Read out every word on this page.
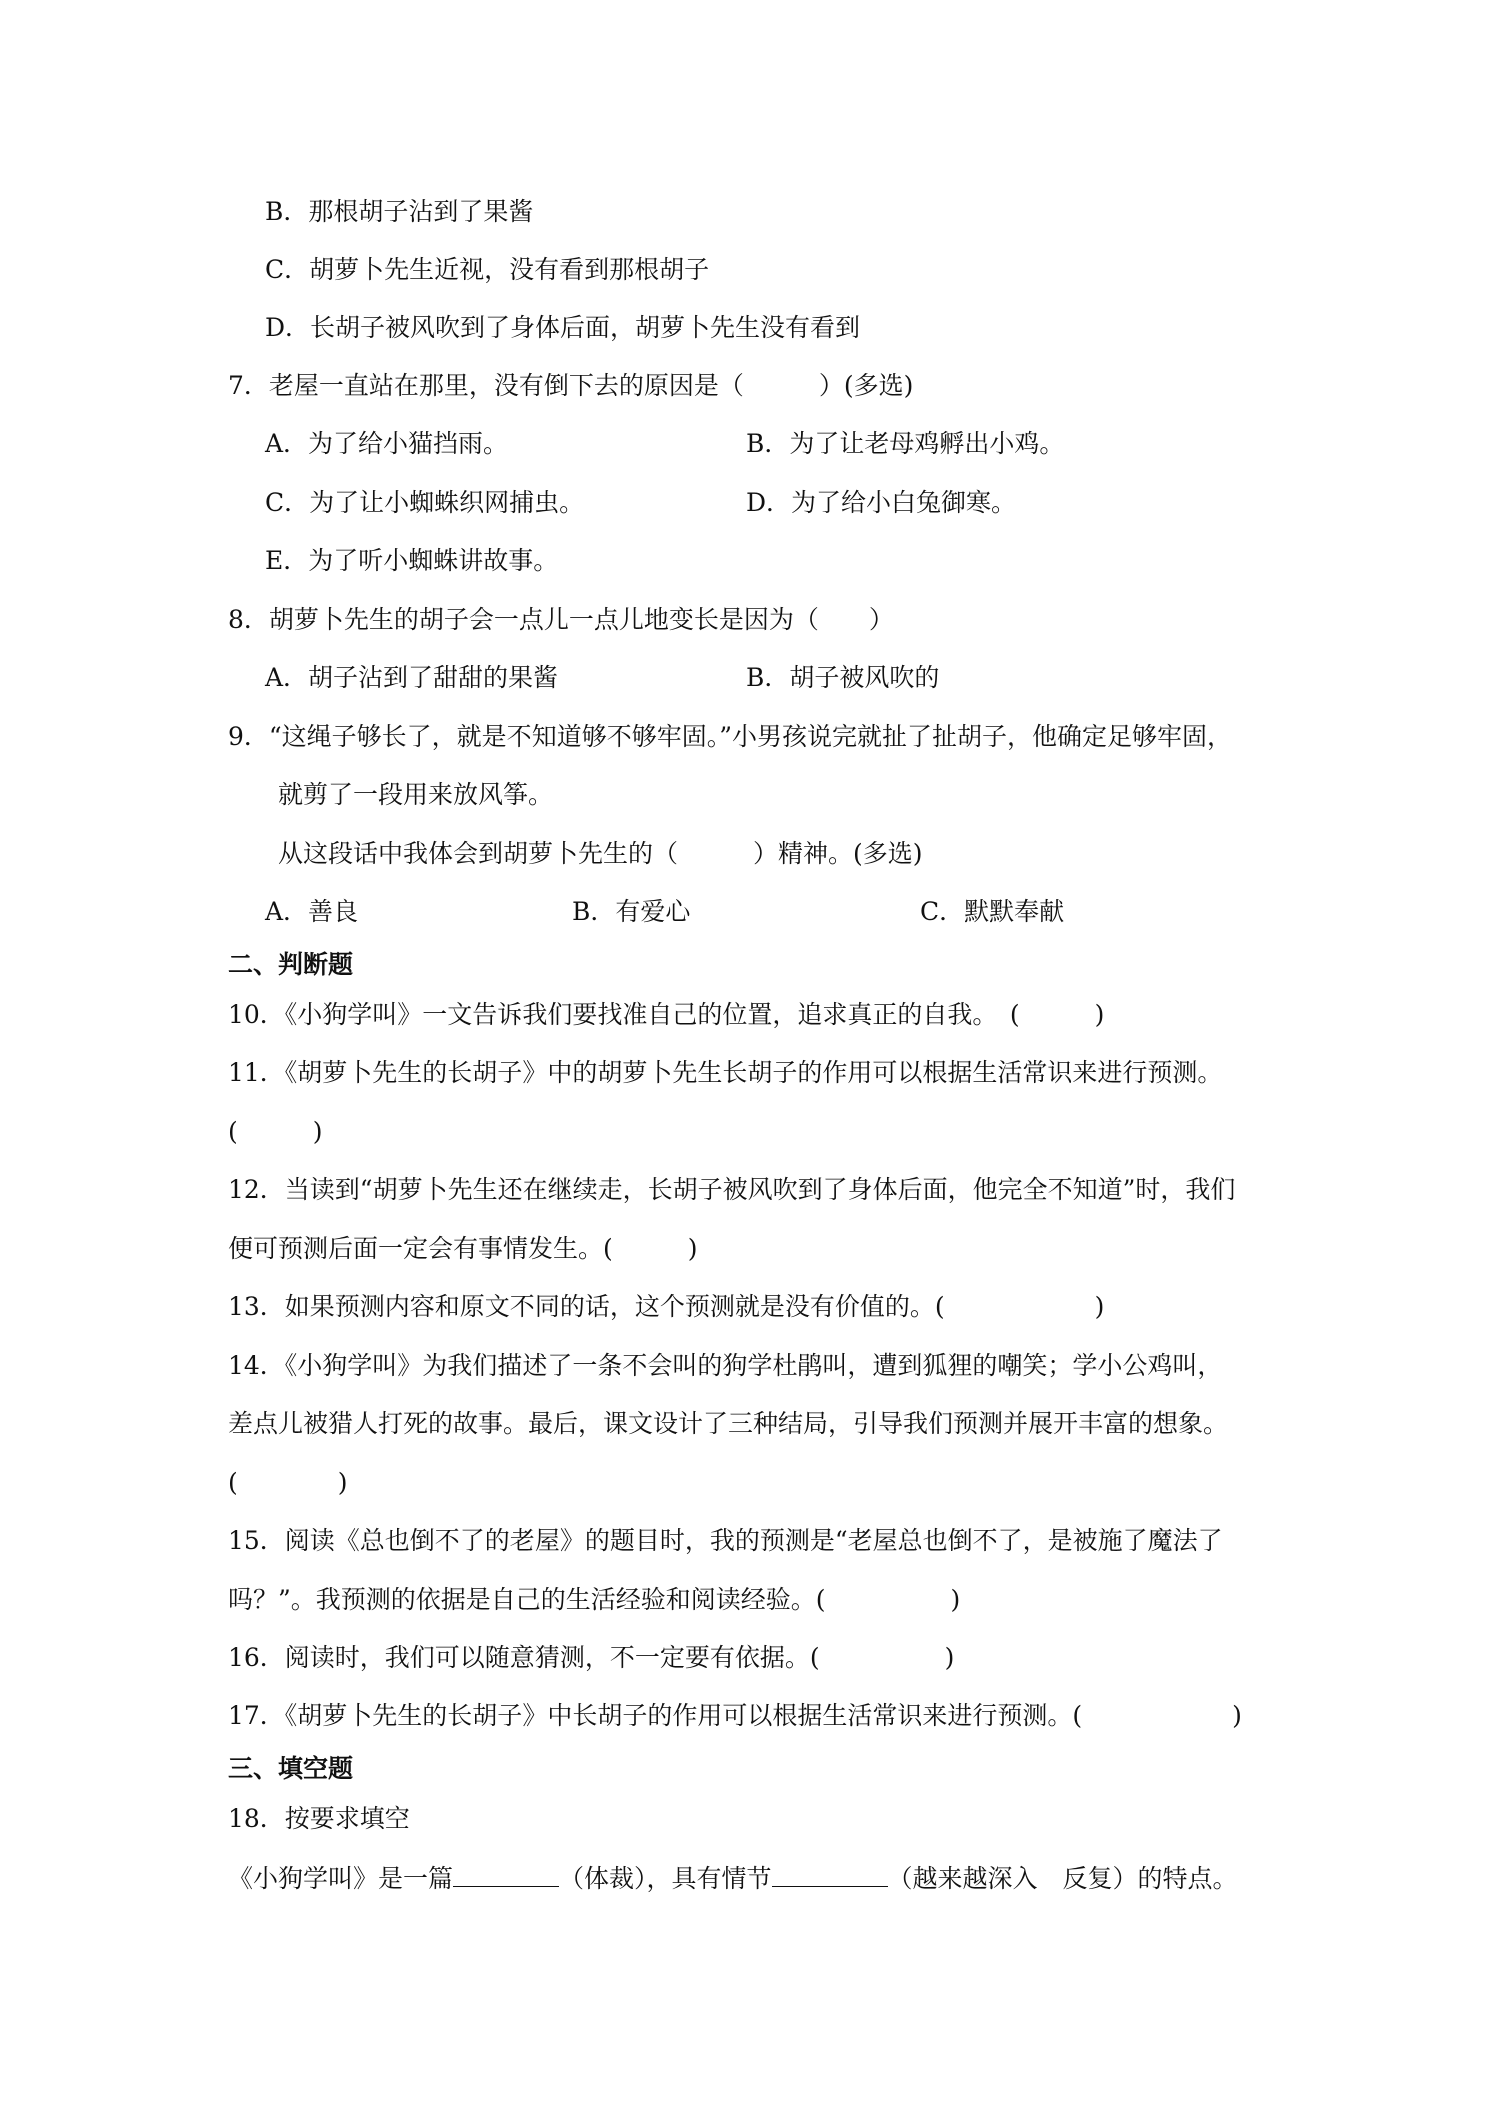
B．那根胡子沾到了果酱
C．胡萝卜先生近视，没有看到那根胡子
D．长胡子被风吹到了身体后面，胡萝卜先生没有看到
7．老屋一直站在那里，没有倒下去的原因是（　　　）(多选)
A．为了给小猫挡雨。	B．为了让老母鸡孵出小鸡。
C．为了让小蜘蛛织网捕虫。	D．为了给小白兔御寒。
E．为了听小蜘蛛讲故事。
8．胡萝卜先生的胡子会一点儿一点儿地变长是因为（　　）
A．胡子沾到了甜甜的果酱	B．胡子被风吹的
9．“这绳子够长了，就是不知道够不够牢固。”小男孩说完就扯了扯胡子，他确定足够牢固，
就剪了一段用来放风筝。
从这段话中我体会到胡萝卜先生的（　　　）精神。(多选)
A．善良	B．有爱心	C．默默奉献
二、判断题
10．《小狗学叫》一文告诉我们要找准自己的位置，追求真正的自我。　(　　　)
11．《胡萝卜先生的长胡子》中的胡萝卜先生长胡子的作用可以根据生活常识来进行预测。
(　　　)
12．当读到“胡萝卜先生还在继续走，长胡子被风吹到了身体后面，他完全不知道”时，我们
便可预测后面一定会有事情发生。(　　　)
13．如果预测内容和原文不同的话，这个预测就是没有价值的。(　　　　　　)
14．《小狗学叫》为我们描述了一条不会叫的狗学杜鹃叫，遭到狐狸的嘲笑；学小公鸡叫，
差点儿被猎人打死的故事。最后，课文设计了三种结局，引导我们预测并展开丰富的想象。
(　　　　)
15．阅读《总也倒不了的老屋》的题目时，我的预测是“老屋总也倒不了，是被施了魔法了
吗？”。我预测的依据是自己的生活经验和阅读经验。(　　　　　)
16．阅读时，我们可以随意猜测，不一定要有依据。(　　　　　)
17．《胡萝卜先生的长胡子》中长胡子的作用可以根据生活常识来进行预测。(　　　　　　)
三、填空题
18．按要求填空
《小狗学叫》是一篇	（体裁），具有情节	（越来越深入　反复）的特点。
